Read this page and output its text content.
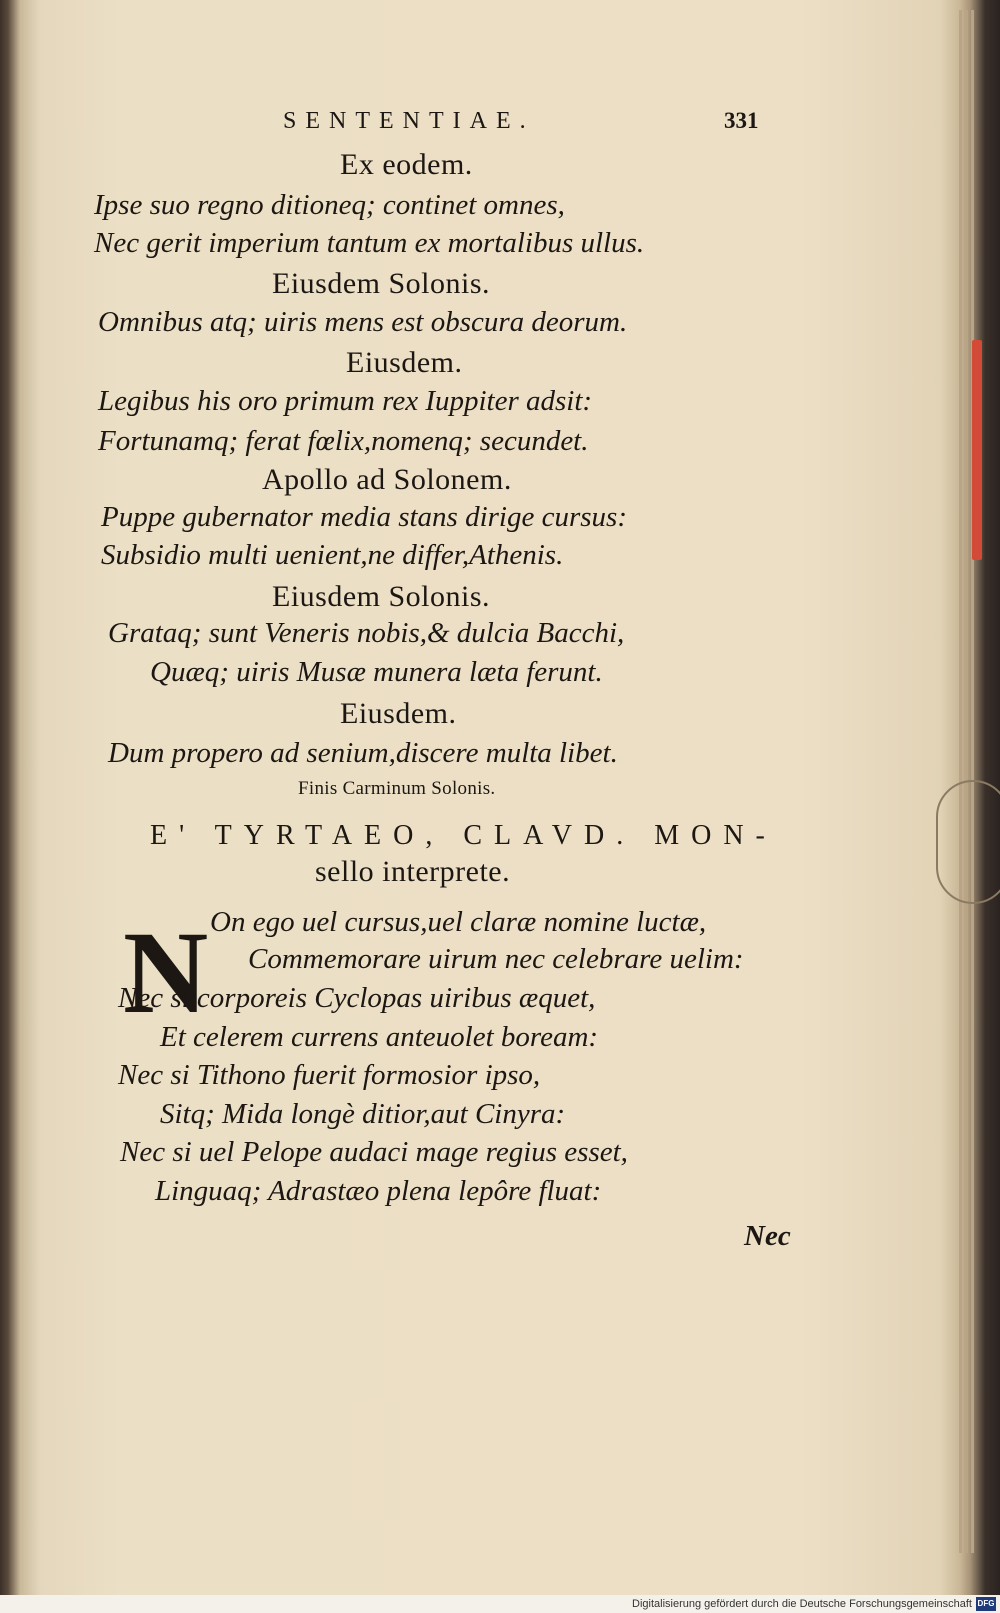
SENTENTIAE.	331
Ex eodem.
Ipse suo regno ditioneq; continet omnes,
Nec gerit imperium tantum ex mortalibus ullus.
Eiusdem Solonis.
Omnibus atq; uiris mens est obscura deorum.
Eiusdem.
Legibus his oro primum rex Iuppiter adsit:
Fortunamq; ferat fœlix,nomenq; secundet.
Apollo ad Solonem.
Puppe gubernator media stans dirige cursus:
Subsidio multi uenient,ne differ,Athenis.
Eiusdem Solonis.
Grataq; sunt Veneris nobis,& dulcia Bacchi,
Quæq; uiris Musæ munera læta ferunt.
Eiusdem.
Dum propero ad senium,discere multa libet.
Finis Carminum Solonis.
E' TYRTAEO, CLAVD. MON-
sello interprete.
N On ego uel cursus,uel claræ nomine luctæ,
Commemorare uirum nec celebrare uelim:
Nec si corporeis Cyclopas uiribus æquet,
Et celerem currens anteuolet boream:
Nec si Tithono fuerit formosior ipso,
Sitq; Mida longè ditior,aut Cinyra:
Nec si uel Pelope audaci mage regius esset,
Linguaq; Adrastæo plena lepôre fluat:
Nec
Digitalisierung gefördert durch die Deutsche Forschungsgemeinschaft DFG
